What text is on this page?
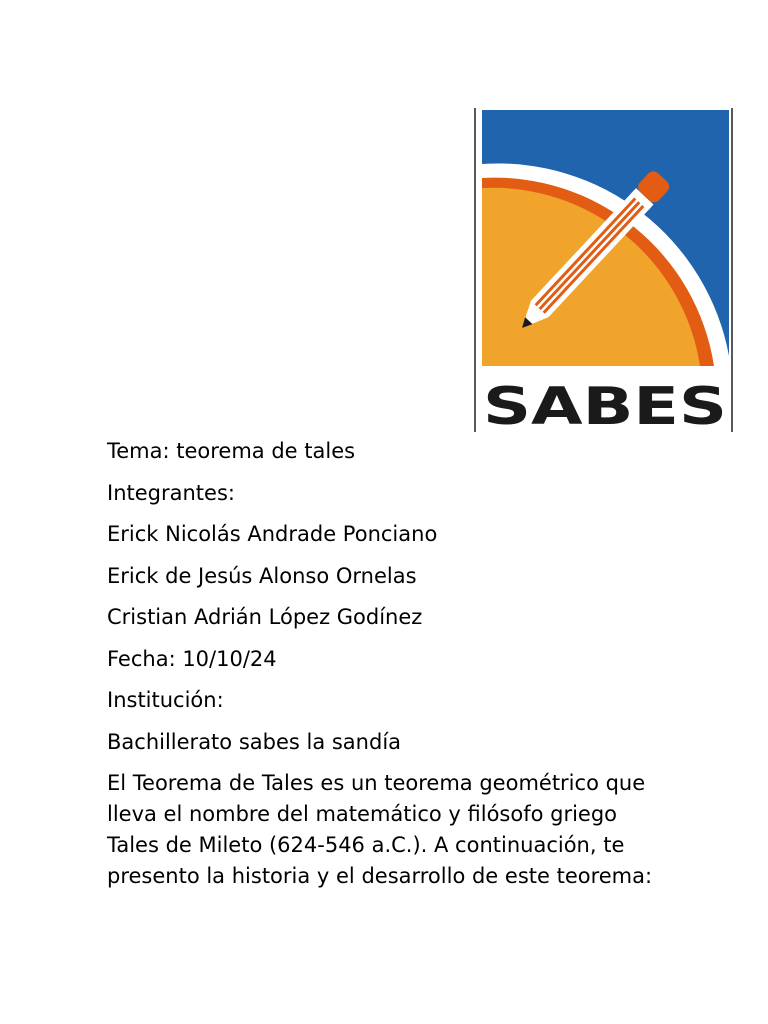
SABES
Tema: teorema de tales
Integrantes:
Erick Nicolás Andrade Ponciano
Erick de Jesús Alonso Ornelas
Cristian Adrián López Godínez
Fecha: 10/10/24
Institución:
Bachillerato sabes la sandía
El Teorema de Tales es un teorema geométrico que lleva el nombre del matemático y filósofo griego Tales de Mileto (624-546 a.C.). A continuación, te presento la historia y el desarrollo de este teorema:
